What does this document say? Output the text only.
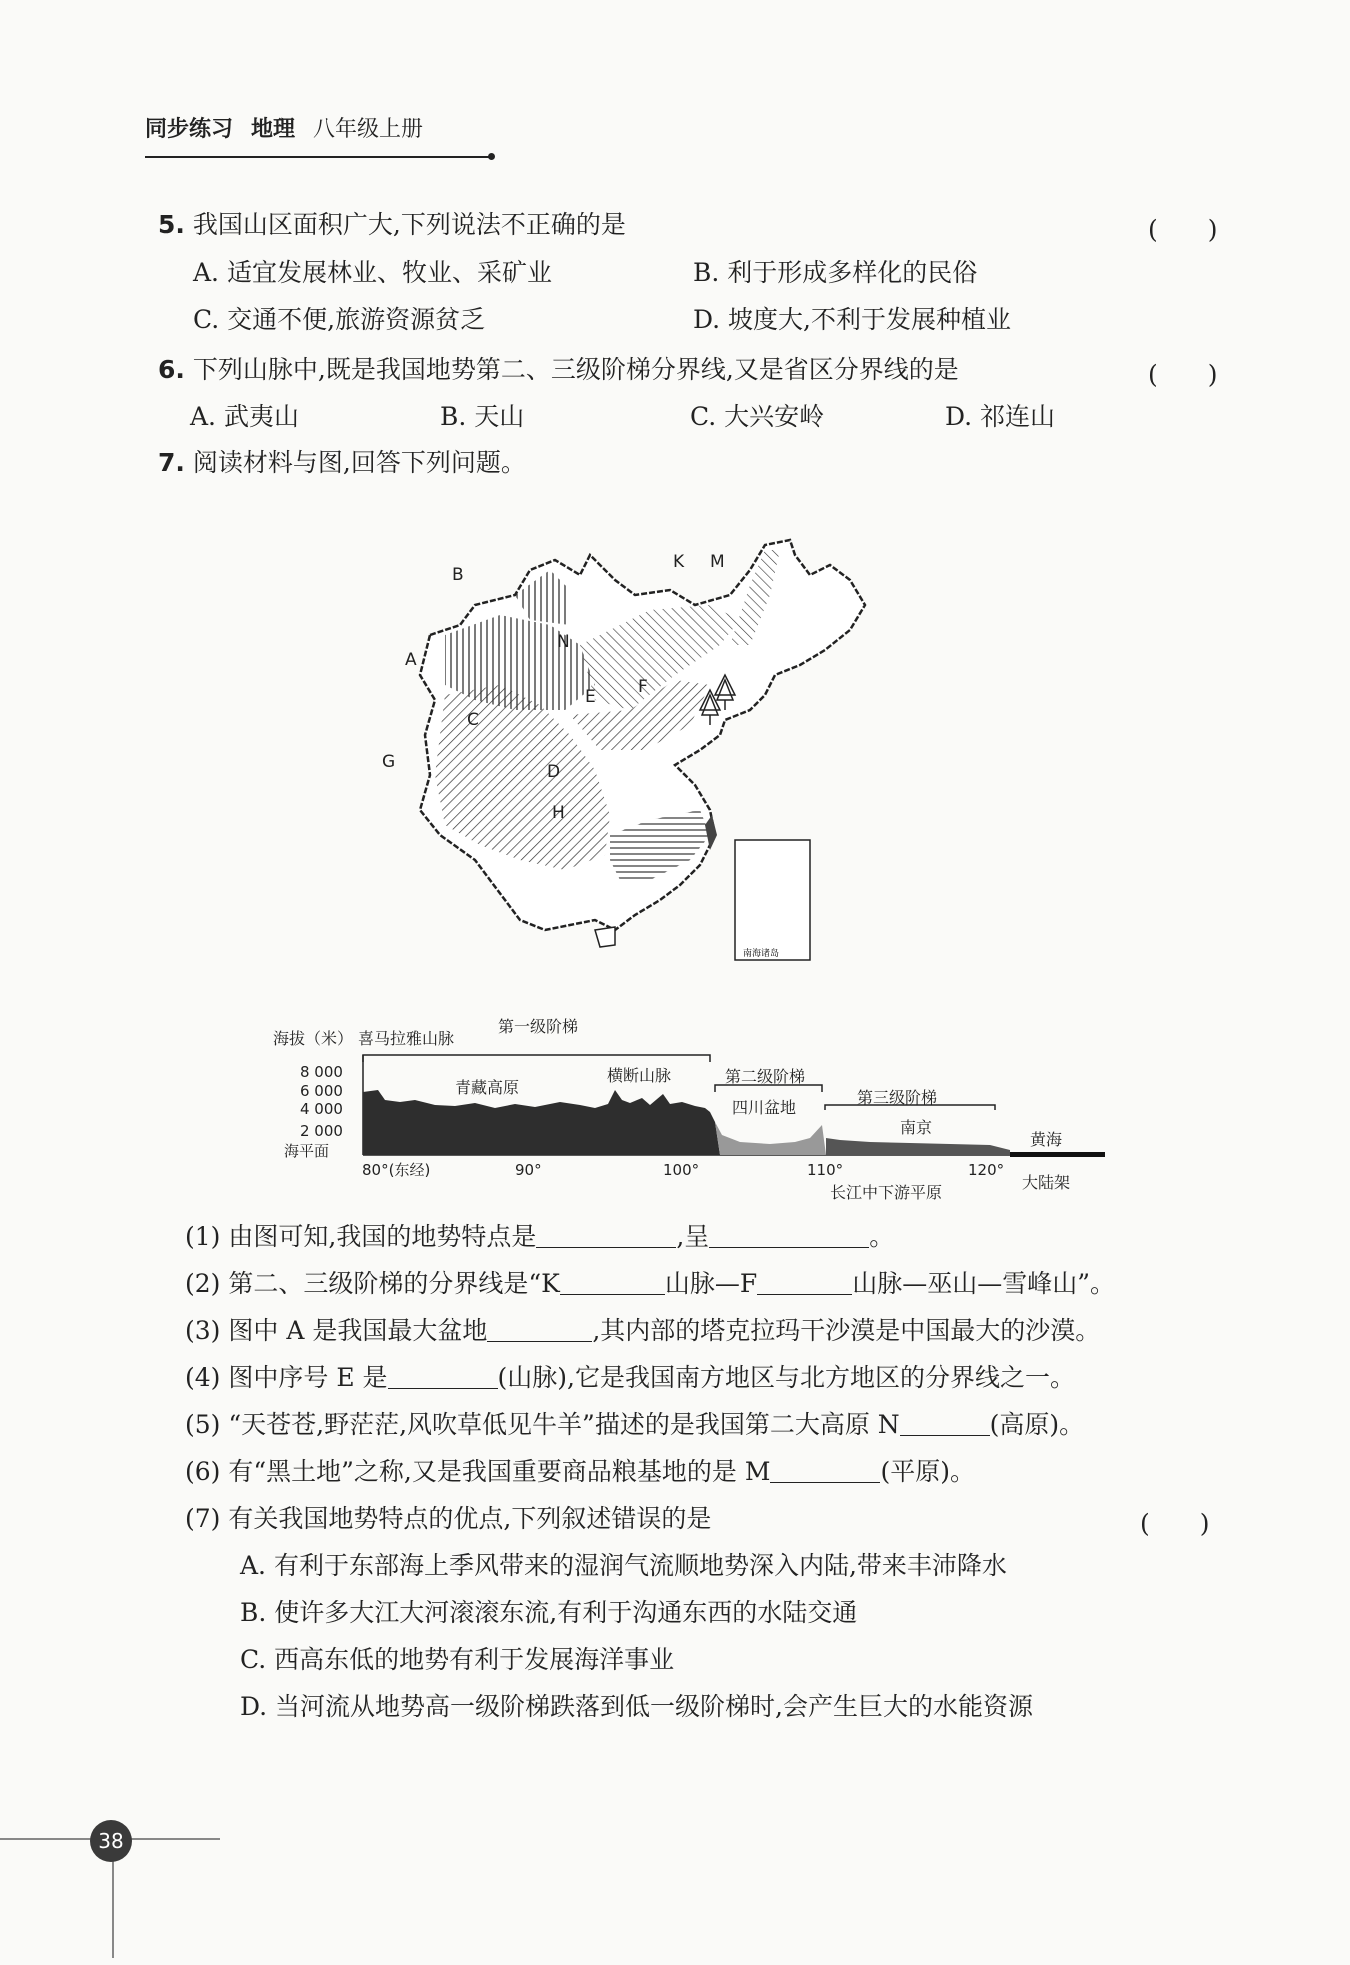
同步练习 地理 八年级上册
5. 我国山区面积广大,下列说法不正确的是	(　　)
A. 适宜发展林业、牧业、采矿业	B. 利于形成多样化的民俗
C. 交通不便,旅游资源贫乏	D. 坡度大,不利于发展种植业
6. 下列山脉中,既是我国地势第二、三级阶梯分界线,又是省区分界线的是	(　　)
A. 武夷山	B. 天山	C. 大兴安岭	D. 祁连山
7. 阅读材料与图,回答下列问题。
南海诸岛
B
A
K M
N
F
E
C
G	D
H
海拔（米） 喜马拉雅山脉
第一级阶梯
青藏高原
横断山脉	第二级阶梯
四川盆地
第三级阶梯
南京
黄海
长江中下游平原
大陆架
8 000
6 000
4 000
2 000
海平面
80°(东经)	90°	100°	110°	120°
(1) 由图可知,我国的地势特点是	,呈	。
(2) 第二、三级阶梯的分界线是“K	山脉—F	山脉—巫山—雪峰山”。
(3) 图中 A 是我国最大盆地	,其内部的塔克拉玛干沙漠是中国最大的沙漠。
(4) 图中序号 E 是	(山脉),它是我国南方地区与北方地区的分界线之一。
(5) “天苍苍,野茫茫,风吹草低见牛羊”描述的是我国第二大高原 N	(高原)。
(6) 有“黑土地”之称,又是我国重要商品粮基地的是 M	(平原)。
(7) 有关我国地势特点的优点,下列叙述错误的是	(　　)
A. 有利于东部海上季风带来的湿润气流顺地势深入内陆,带来丰沛降水
B. 使许多大江大河滚滚东流,有利于沟通东西的水陆交通
C. 西高东低的地势有利于发展海洋事业
D. 当河流从地势高一级阶梯跌落到低一级阶梯时,会产生巨大的水能资源
38
